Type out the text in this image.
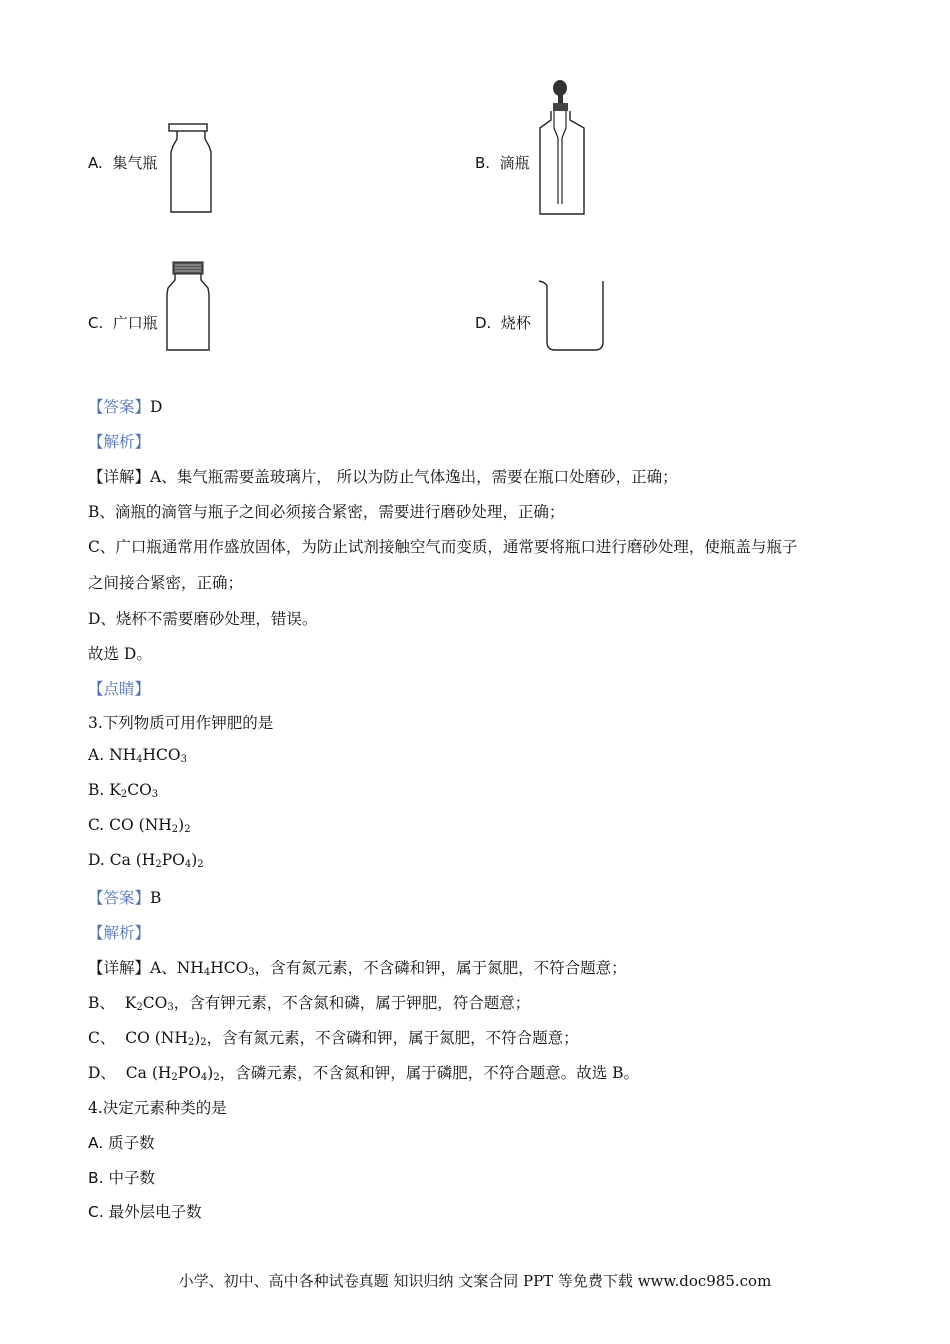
A. 集气瓶	B. 滴瓶
C. 广口瓶	D. 烧杯
【答案】D
【解析】
【详解】A、集气瓶需要盖玻璃片， 所以为防止气体逸出，需要在瓶口处磨砂，正确；
B、滴瓶的滴管与瓶子之间必须接合紧密，需要进行磨砂处理，正确；
C、广口瓶通常用作盛放固体，为防止试剂接触空气而变质，通常要将瓶口进行磨砂处理，使瓶盖与瓶子
之间接合紧密，正确；
D、烧杯不需要磨砂处理，错误。
故选 D。
【点睛】
3.下列物质可用作钾肥的是
A. $NH_4HCO_3$
B. $K_2CO_3$
C. CO $(NH_2)_2$
D. Ca $(H_2PO_4)_2$
【答案】B
【解析】
【详解】A、$NH_4HCO_3$，含有氮元素，不含磷和钾，属于氮肥，不符合题意；
B、  $K_2CO_3$，含有钾元素，不含氮和磷，属于钾肥，符合题意；
C、  CO $(NH_2)_2$，含有氮元素，不含磷和钾，属于氮肥，不符合题意；
D、  Ca $(H_2PO_4)_2$，含磷元素，不含氮和钾，属于磷肥，不符合题意。故选 B。
4.决定元素种类的是
A. 质子数
B. 中子数
C. 最外层电子数
小学、初中、高中各种试卷真题 知识归纳 文案合同 PPT 等免费下载 www.doc985.com
